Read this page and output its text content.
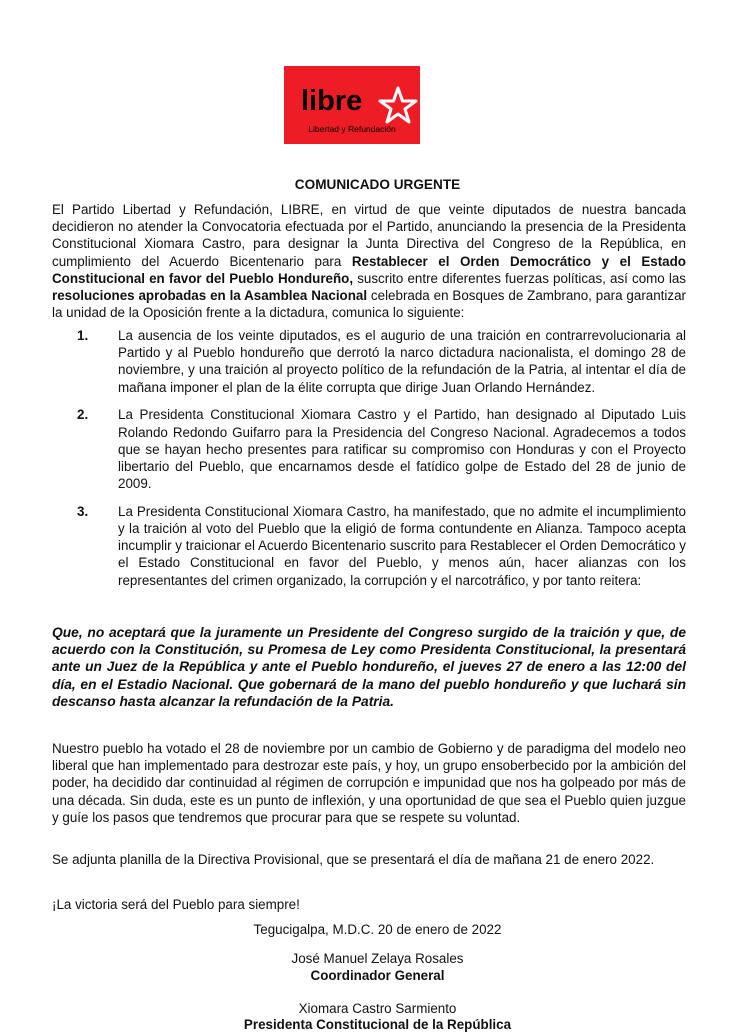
libre
Libertad y Refundación
COMUNICADO URGENTE

El Partido Libertad y Refundación, LIBRE, en virtud de que veinte diputados de nuestra bancada decidieron no atender la Convocatoria efectuada por el Partido, anunciando la presencia de la Presidenta Constitucional Xiomara Castro, para designar la Junta Directiva del Congreso de la República, en cumplimiento del Acuerdo Bicentenario para Restablecer el Orden Democrático y el Estado Constitucional en favor del Pueblo Hondureño, suscrito entre diferentes fuerzas políticas, así como las resoluciones aprobadas en la Asamblea Nacional celebrada en Bosques de Zambrano, para garantizar la unidad de la Oposición frente a la dictadura, comunica lo siguiente:

1.	La ausencia de los veinte diputados, es el augurio de una traición en contrarrevolucionaria al Partido y al Pueblo hondureño que derrotó la narco dictadura nacionalista, el domingo 28 de noviembre, y una traición al proyecto político de la refundación de la Patria, al intentar el día de mañana imponer el plan de la élite corrupta que dirige Juan Orlando Hernández.
2.	La Presidenta Constitucional Xiomara Castro y el Partido, han designado al Diputado Luis Rolando Redondo Guifarro para la Presidencia del Congreso Nacional. Agradecemos a todos que se hayan hecho presentes para ratificar su compromiso con Honduras y con el Proyecto libertario del Pueblo, que encarnamos desde el fatídico golpe de Estado del 28 de junio de 2009.
3.	La Presidenta Constitucional Xiomara Castro, ha manifestado, que no admite el incumplimiento y la traición al voto del Pueblo que la eligió de forma contundente en Alianza. Tampoco acepta incumplir y traicionar el Acuerdo Bicentenario suscrito para Restablecer el Orden Democrático y el Estado Constitucional en favor del Pueblo, y menos aún, hacer alianzas con los representantes del crimen organizado, la corrupción y el narcotráfico, y por tanto reitera:

Que, no aceptará que la juramente un Presidente del Congreso surgido de la traición y que, de acuerdo con la Constitución, su Promesa de Ley como Presidenta Constitucional, la presentará ante un Juez de la República y ante el Pueblo hondureño, el jueves 27 de enero a las 12:00 del día, en el Estadio Nacional. Que gobernará de la mano del pueblo hondureño y que luchará sin descanso hasta alcanzar la refundación de la Patria.

Nuestro pueblo ha votado el 28 de noviembre por un cambio de Gobierno y de paradigma del modelo neo liberal que han implementado para destrozar este país, y hoy, un grupo ensoberbecido por la ambición del poder, ha decidido dar continuidad al régimen de corrupción e impunidad que nos ha golpeado por más de una década. Sin duda, este es un punto de inflexión, y una oportunidad de que sea el Pueblo quien juzgue y guíe los pasos que tendremos que procurar para que se respete su voluntad.

Se adjunta planilla de la Directiva Provisional, que se presentará el día de mañana 21 de enero 2022.

¡La victoria será del Pueblo para siempre!

Tegucigalpa, M.D.C. 20 de enero de 2022
José Manuel Zelaya Rosales
Coordinador General
Xiomara Castro Sarmiento
Presidenta Constitucional de la República
